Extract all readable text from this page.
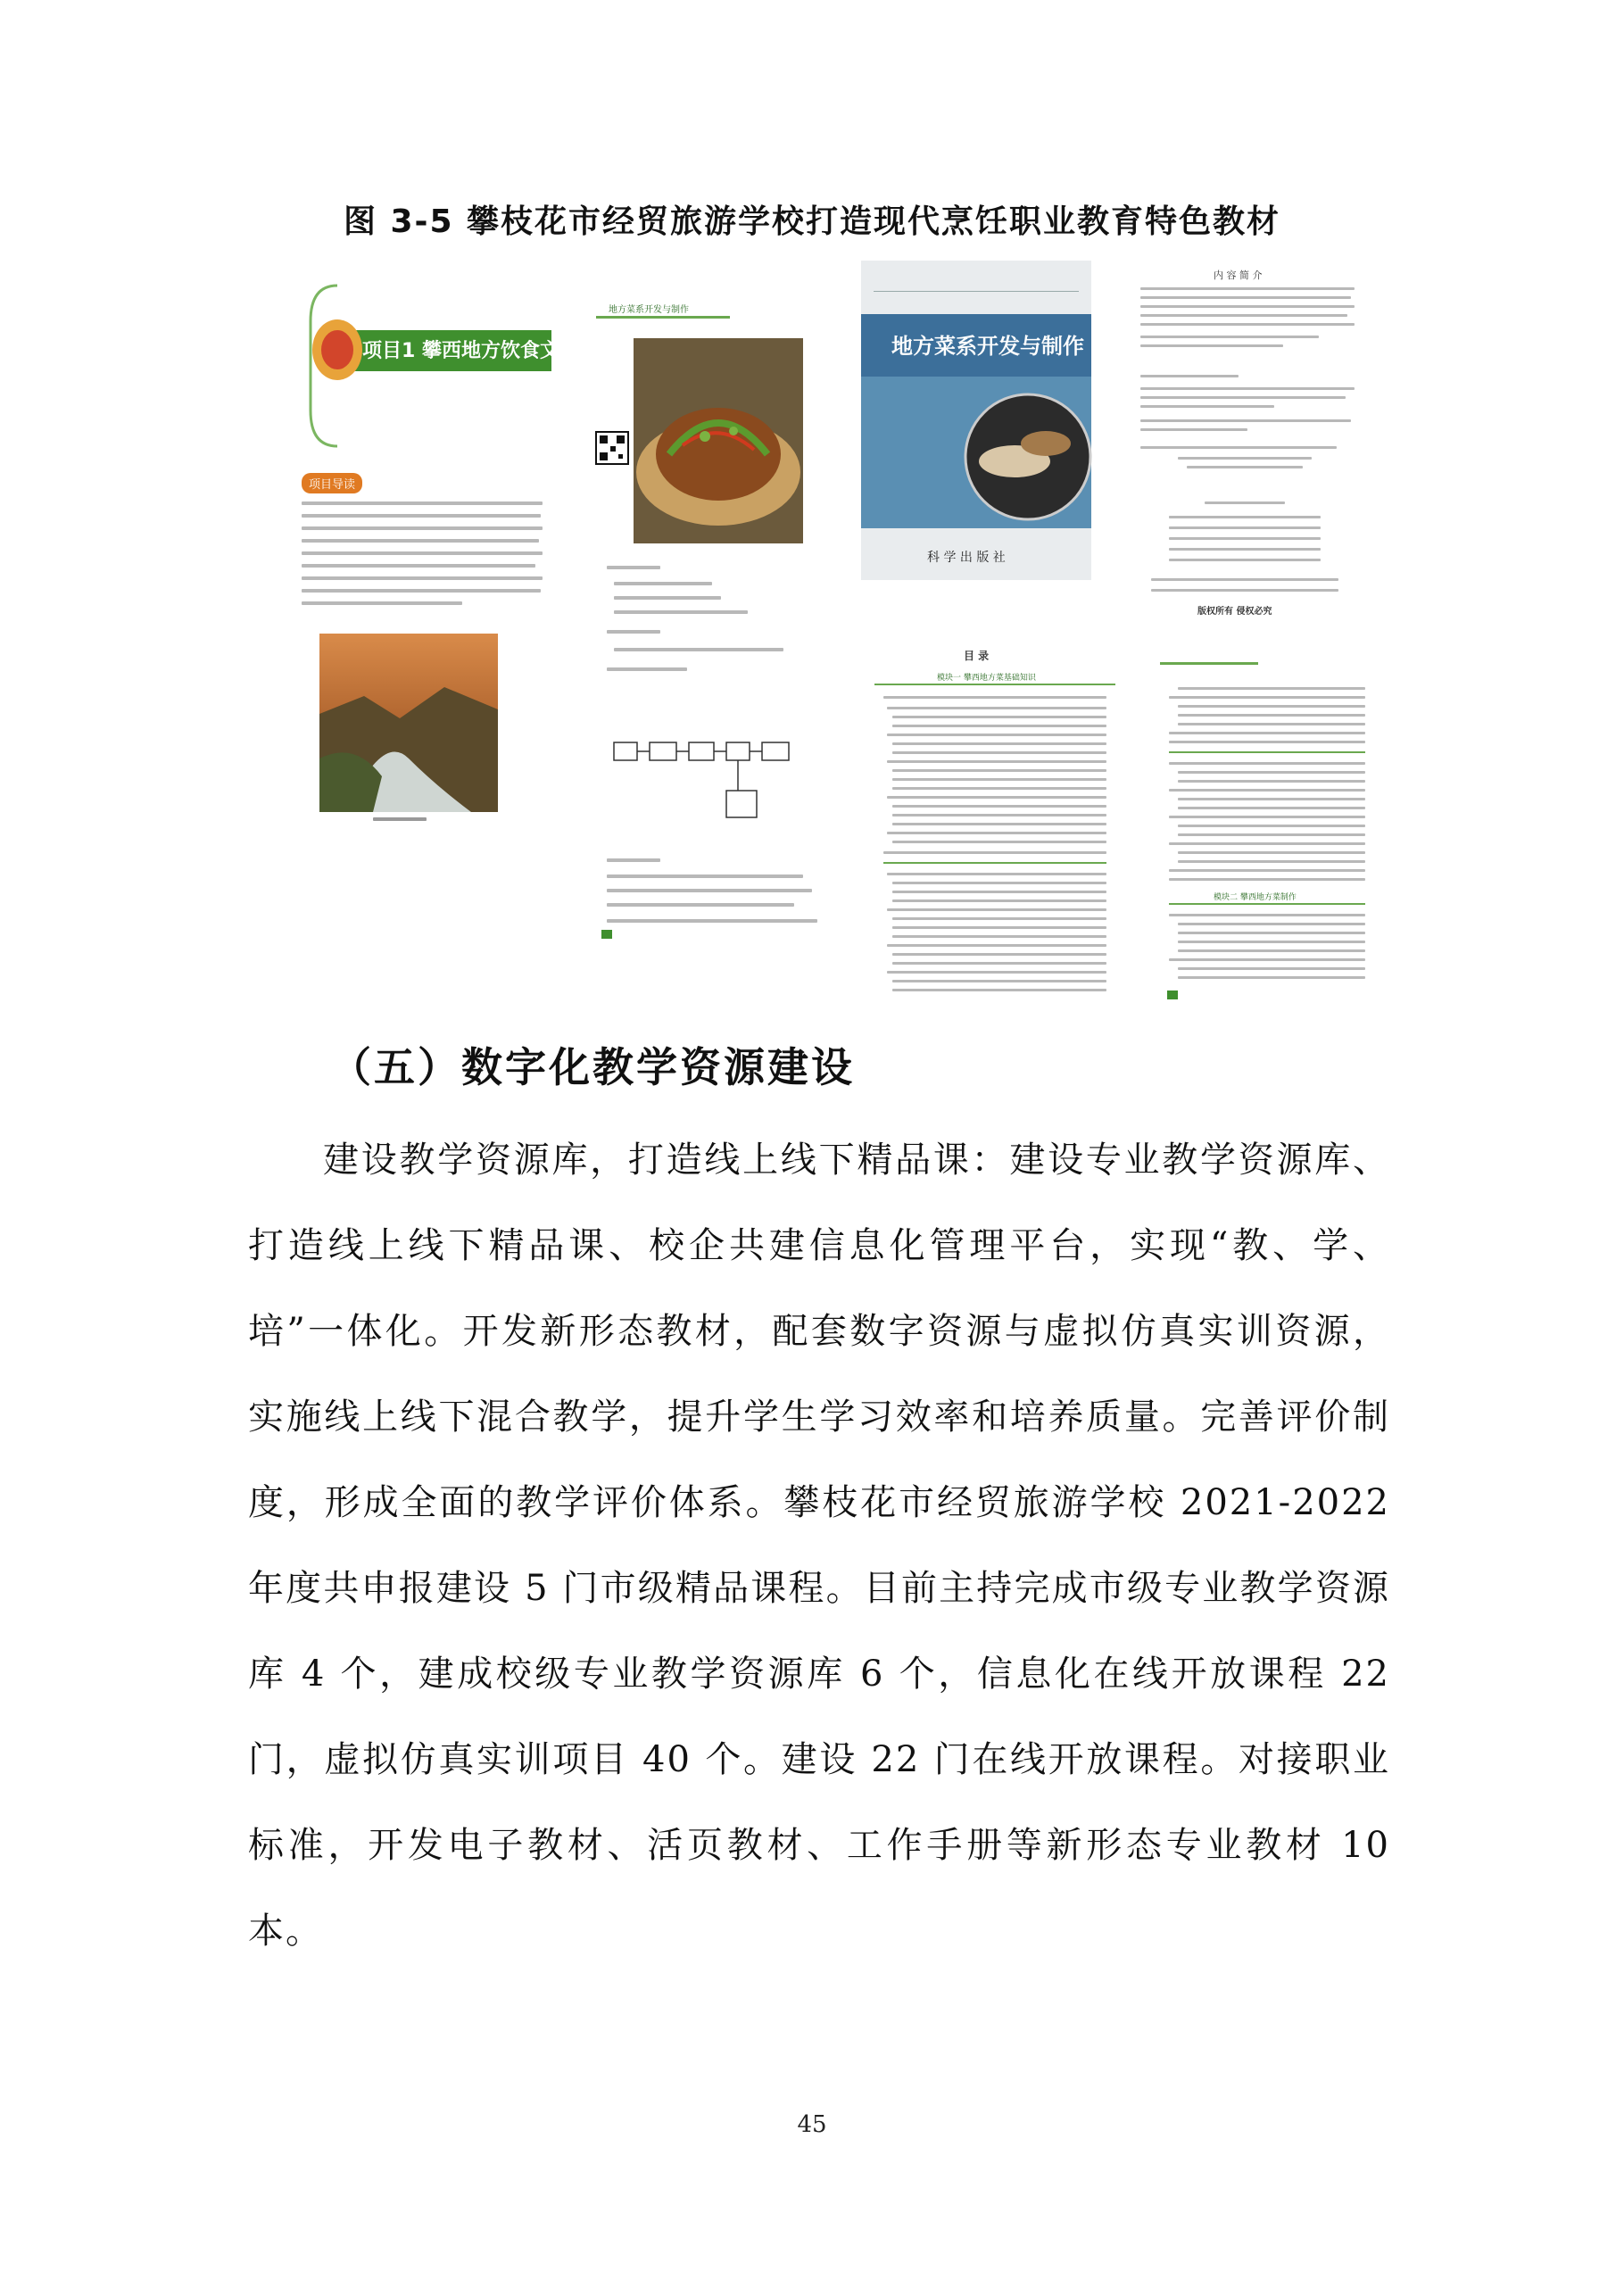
图 3-5 攀枝花市经贸旅游学校打造现代烹饪职业教育特色教材
项目1 攀西地方饮食文化
项目导读
地方菜系开发与制作
地方菜系开发与制作
科 学 出 版 社
内 容 简 介
版权所有 侵权必究
目 录
模块一 攀西地方菜基础知识
模块二 攀西地方菜制作
（五）数字化教学资源建设
建设教学资源库，打造线上线下精品课：建设专业教学资源库、打造线上线下精品课、校企共建信息化管理平台，实现“教、学、培”一体化。开发新形态教材，配套数字资源与虚拟仿真实训资源，实施线上线下混合教学，提升学生学习效率和培养质量。完善评价制度，形成全面的教学评价体系。攀枝花市经贸旅游学校 2021-2022 年度共申报建设 5 门市级精品课程。目前主持完成市级专业教学资源库 4 个，建成校级专业教学资源库 6 个，信息化在线开放课程 22 门，虚拟仿真实训项目 40 个。建设 22 门在线开放课程。对接职业标准，开发电子教材、活页教材、工作手册等新形态专业教材 10 本。
45
